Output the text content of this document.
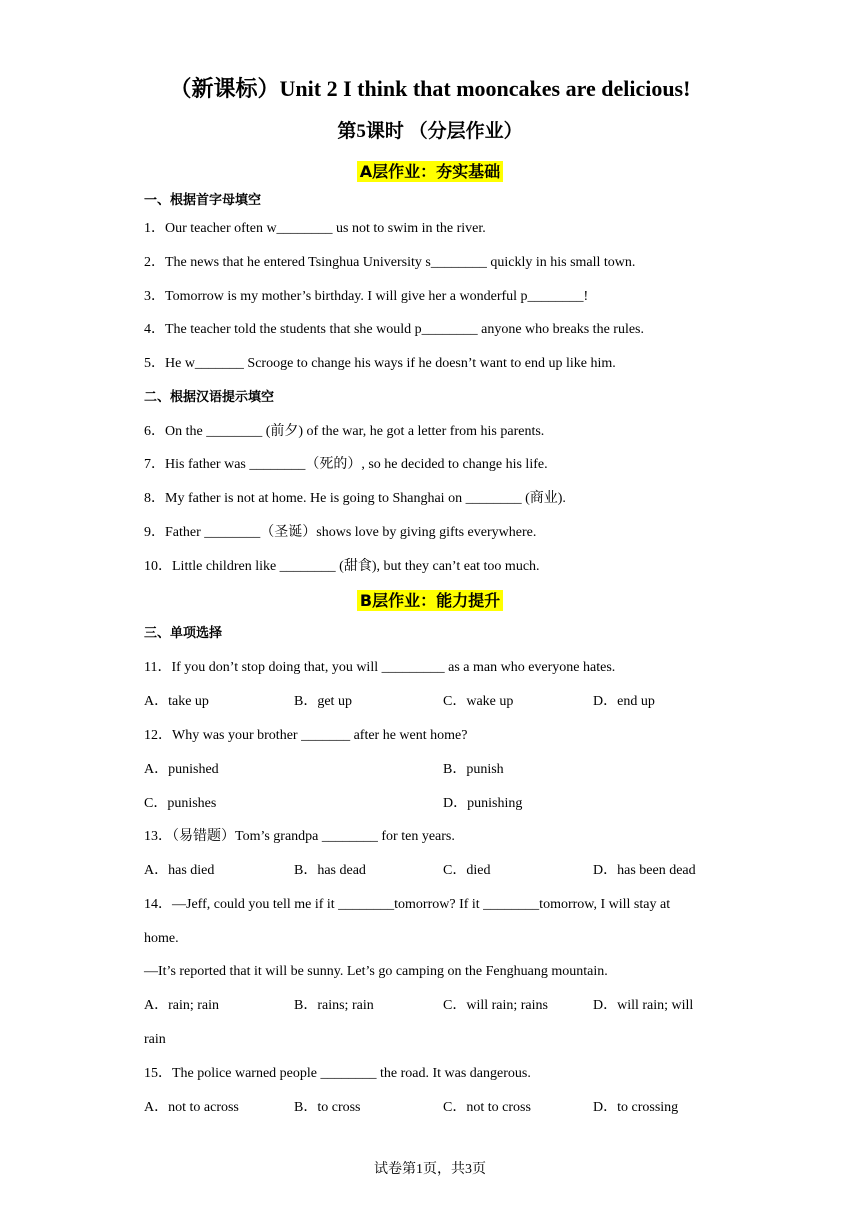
（新课标）Unit 2 I think that mooncakes are delicious!
第5课时 （分层作业）
A层作业：夯实基础
一、根据首字母填空
1．Our teacher often w________ us not to swim in the river.
2．The news that he entered Tsinghua University s________ quickly in his small town.
3．Tomorrow is my mother’s birthday. I will give her a wonderful p________!
4．The teacher told the students that she would p________ anyone who breaks the rules.
5．He w_______ Scrooge to change his ways if he doesn’t want to end up like him.
二、根据汉语提示填空
6．On the ________ (前夕) of the war, he got a letter from his parents.
7．His father was ________（死的）, so he decided to change his life.
8．My father is not at home. He is going to Shanghai on ________ (商业).
9．Father ________（圣诞）shows love by giving gifts everywhere.
10．Little children like ________ (甜食), but they can’t eat too much.
B层作业：能力提升
三、单项选择
11．If you don’t stop doing that, you will _________ as a man who everyone hates.
A．take up	B．get up	C．wake up	D．end up
12．Why was your brother _______ after he went home?
A．punished	B．punish
C．punishes	D．punishing
13．（易错题）Tom’s grandpa ________ for ten years.
A．has died	B．has dead	C．died	D．has been dead
14．—Jeff, could you tell me if it ________tomorrow? If it ________tomorrow, I will stay at
home.
—It’s reported that it will be sunny. Let’s go camping on the Fenghuang mountain.
A．rain; rain	B．rains; rain	C．will rain; rains	D．will rain; will
rain
15．The police warned people ________ the road. It was dangerous.
A．not to across	B．to cross	C．not to cross	D．to crossing
试卷第1页，共3页
